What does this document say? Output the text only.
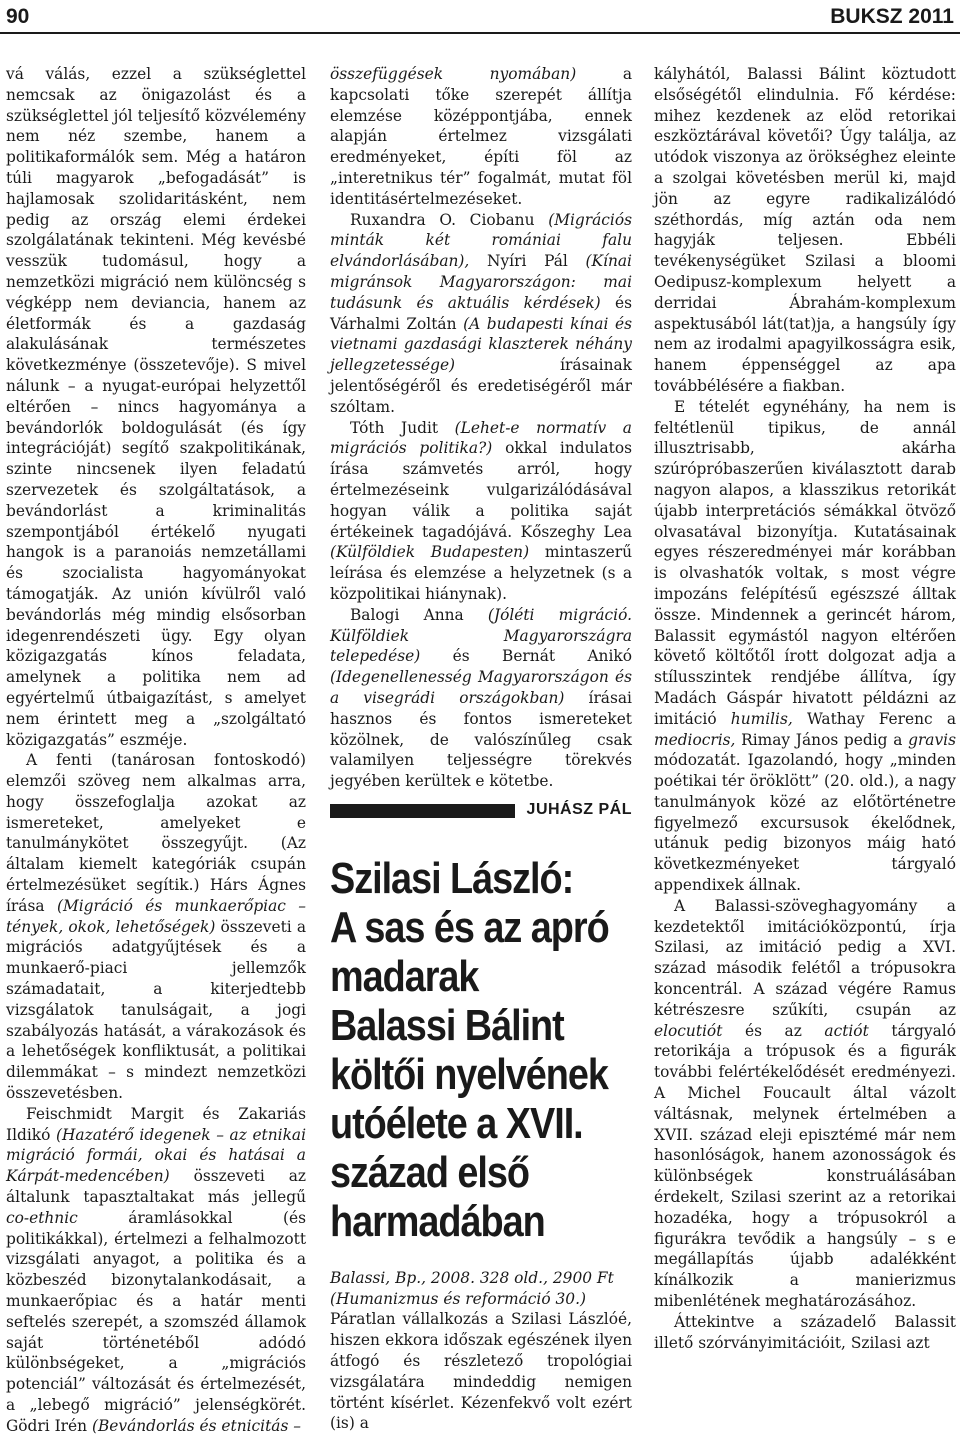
90	BUKSZ 2011

vá válás, ezzel a szükséglettel nemcsak az önigazolást és a szükséglettel jól teljesítő közvélemény nem néz szembe, hanem a politikaformálók sem. Még a határon túli magyarok „befogadását” is hajlamosak szolidaritásként, nem pedig az ország elemi érdekei szolgálatának tekinteni. Még kevésbé vesszük tudomásul, hogy a nemzetközi migráció nem különcség s végképp nem deviancia, hanem az életformák és a gazdaság alakulásának természetes következménye (összetevője). S mivel nálunk – a nyugat-európai helyzettől eltérően – nincs hagyománya a bevándorlók boldogulását (és így integrációját) segítő szakpolitikának, szinte nincsenek ilyen feladatú szervezetek és szolgáltatások, a bevándorlást a kriminalitás szempontjából értékelő nyugati hangok is a paranoiás nemzetállami és szocialista hagyományokat támogatják. Az unión kívülről való bevándorlás még mindig elsősorban idegenrendészeti ügy. Egy olyan közigazgatás kínos feladata, amelynek a politika nem ad egyértelmű útbaigazítást, s amelyet nem érintett meg a „szolgáltató közigazgatás” eszméje.

A fenti (tanárosan fontoskodó) elemzői szöveg nem alkalmas arra, hogy összefoglalja azokat az ismereteket, amelyeket e tanulmánykötet összegyűjt. (Az általam kiemelt kategóriák csupán értelmezésüket segítik.) Hárs Ágnes írása (Migráció és munkaerőpiac – tények, okok, lehetőségek) összeveti a migrációs adatgyűjtések és a munkaerő-piaci jellemzők számadatait, a kiterjedtebb vizsgálatok tanulságait, a jogi szabályozás hatását, a várakozások és a lehetőségek konfliktusát, a politikai dilemmákat – s mindezt nemzetközi összevetésben.

Feischmidt Margit és Zakariás Ildikó (Hazatérő idegenek – az etnikai migráció formái, okai és hatásai a Kárpát-medencében) összeveti az általunk tapasztaltakat más jellegű co-ethnic	áramlásokkal (és politikákkal), értelmezi a felhalmozott vizsgálati anyagot, a politika és a közbeszéd bizonytalankodásait, a munkaerőpiac és a határ menti seftelés szerepét, a szomszéd államok saját történetéből adódó különbségeket, a „migrációs potenciál” változását és értelmezését, a „lebegő migráció” jelenségkörét. Gödri Irén (Bevándorlás és etnicitás –

összefüggések nyomában)	a kapcsolati tőke szerepét állítja elemzése középpontjába, ennek alapján értelmez vizsgálati eredményeket, építi föl az „interetnikus tér” fogalmát, mutat föl identitásértelmezéseket.

Ruxandra O. Ciobanu (Migrációs minták két romániai falu elvándorlásában), Nyíri Pál (Kínai migránsok Magyarországon: mai tudásunk és aktuális kérdések) és Várhalmi Zoltán (A budapesti kínai és vietnami gazdasági klaszterek néhány jellegzetessége)	írásainak jelentőségéről és eredetiségéről már szóltam.

Tóth Judit (Lehet-e normatív a migrációs politika?) okkal indulatos írása számvetés arról, hogy értelmezéseink vulgarizálódásával hogyan válik a politika saját értékeinek tagadójává. Kőszeghy Lea (Külföldiek Budapesten) mintaszerű leírása és elemzése a helyzetnek (s a közpolitikai hiánynak).

Balogi Anna (Jóléti migráció. Külföldiek Magyarországra telepedése) és Bernát Anikó (Idegenellenesség Magyarországon és a visegrádi országokban) írásai hasznos és fontos ismereteket közölnek, de valószínűleg csak valamilyen teljességre törekvés jegyében kerültek e kötetbe.

JUHÁSZ PÁL
Szilasi László:
A sas és az apró
madarak
Balassi Bálint
költői nyelvének
utóélete a XVII.
század első
harmadában
Balassi, Bp., 2008. 328 old., 2900 Ft
(Humanizmus és reformáció 30.)

Páratlan vállalkozás a Szilasi Lászlóé, hiszen ekkora időszak egészének ilyen átfogó és részletező tropológiai vizsgálatára mindeddig nemigen történt kísérlet. Kézenfekvő volt ezért (is) a

kályhától, Balassi Bálint köztudott elsőségétől elindulnia. Fő kérdése: mihez kezdenek az elöd retorikai eszköztárával követői? Úgy találja, az utódok viszonya az örökséghez eleinte a szolgai követésben merül ki, majd jön az egyre radikalizálódó széthordás, míg aztán oda nem hagyják teljesen. Ebbéli tevékenységüket Szilasi a bloomi Oedipusz-komplexum helyett a derridai Ábrahám-komplexum aspektusából lát(tat)ja, a hangsúly így nem az irodalmi apagyilkosságra esik, hanem éppenséggel az apa továbbélésére a fiakban.

E tételét egynéhány, ha nem is feltétlenül tipikus, de annál illusztrisabb, akárha szúrópróbaszerűen kiválasztott darab nagyon alapos, a klasszikus retorikát újabb interpretációs sémákkal ötvöző olvasatával bizonyítja. Kutatásainak egyes részeredményei már korábban is olvashatók voltak, s most végre impozáns felépítésű egészszé álltak össze. Mindennek a gerincét három, Balassit egymástól nagyon eltérően követő költőtől írott dolgozat adja a stílusszintek rendjébe állítva, így Madách Gáspár hivatott példázni az imitáció humilis, Wathay Ferenc a mediocris, Rimay János pedig a gravis módozatát. Igazolandó, hogy „minden poétikai tér öröklött” (20. old.), a nagy tanulmányok közé az előtörténetre figyelmező excursusok ékelődnek, utánuk pedig bizonyos máig ható következményeket tárgyaló appendixek állnak.

A Balassi-szöveghagyomány a kezdetektől imitációközpontú, írja Szilasi, az imitáció pedig a XVI. század második felétől a trópusokra koncentrál. A század végére Ramus kétrészesre szűkíti, csupán az elocutiót és az actiót tárgyaló retorikája a trópusok és a figurák további felértékelődését eredményezi. A Michel Foucault által vázolt váltásnak, melynek értelmében a XVII. század eleji episztémé már nem hasonlóságok, hanem azonosságok és különbségek konstruálásában érdekelt, Szilasi szerint az a retorikai hozadéka, hogy a trópusokról a figurákra tevődik a hangsúly – s e megállapítás újabb adalékként kínálkozik a manierizmus mibenlétének meghatározásához.

Áttekintve a századelő Balassit illető szórványimitációit, Szilasi azt
